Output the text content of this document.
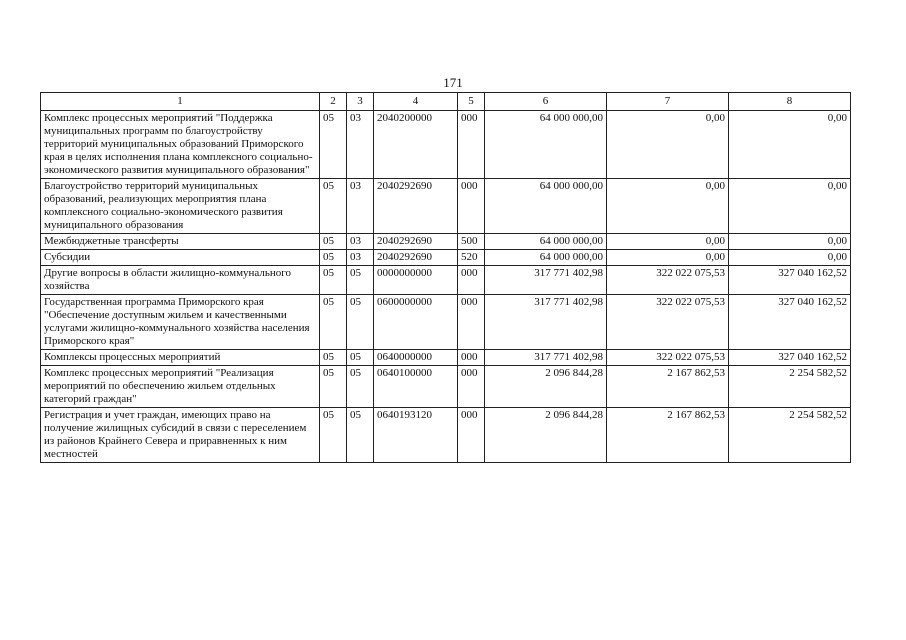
171
1	2	3	4	5	6	7	8
Комплекс процессных мероприятий "Поддержка муниципальных программ по благоустройству территорий муниципальных образований Приморского края в целях исполнения плана комплексного социально-экономического развития муниципального образования"	05	03	2040200000	000	64 000 000,00	0,00	0,00
Благоустройство территорий муниципальных образований, реализующих мероприятия плана комплексного социально-экономического развития муниципального образования	05	03	2040292690	000	64 000 000,00	0,00	0,00
Межбюджетные трансферты	05	03	2040292690	500	64 000 000,00	0,00	0,00
Субсидии	05	03	2040292690	520	64 000 000,00	0,00	0,00
Другие вопросы в области жилищно-коммунального хозяйства	05	05	0000000000	000	317 771 402,98	322 022 075,53	327 040 162,52
Государственная программа Приморского края "Обеспечение доступным жильем и качественными услугами жилищно-коммунального хозяйства населения Приморского края"	05	05	0600000000	000	317 771 402,98	322 022 075,53	327 040 162,52
Комплексы процессных мероприятий	05	05	0640000000	000	317 771 402,98	322 022 075,53	327 040 162,52
Комплекс процессных мероприятий "Реализация мероприятий по обеспечению жильем отдельных категорий граждан"	05	05	0640100000	000	2 096 844,28	2 167 862,53	2 254 582,52
Регистрация и учет граждан, имеющих право на получение жилищных субсидий в связи с переселением из районов Крайнего Севера и приравненных к ним местностей	05	05	0640193120	000	2 096 844,28	2 167 862,53	2 254 582,52
